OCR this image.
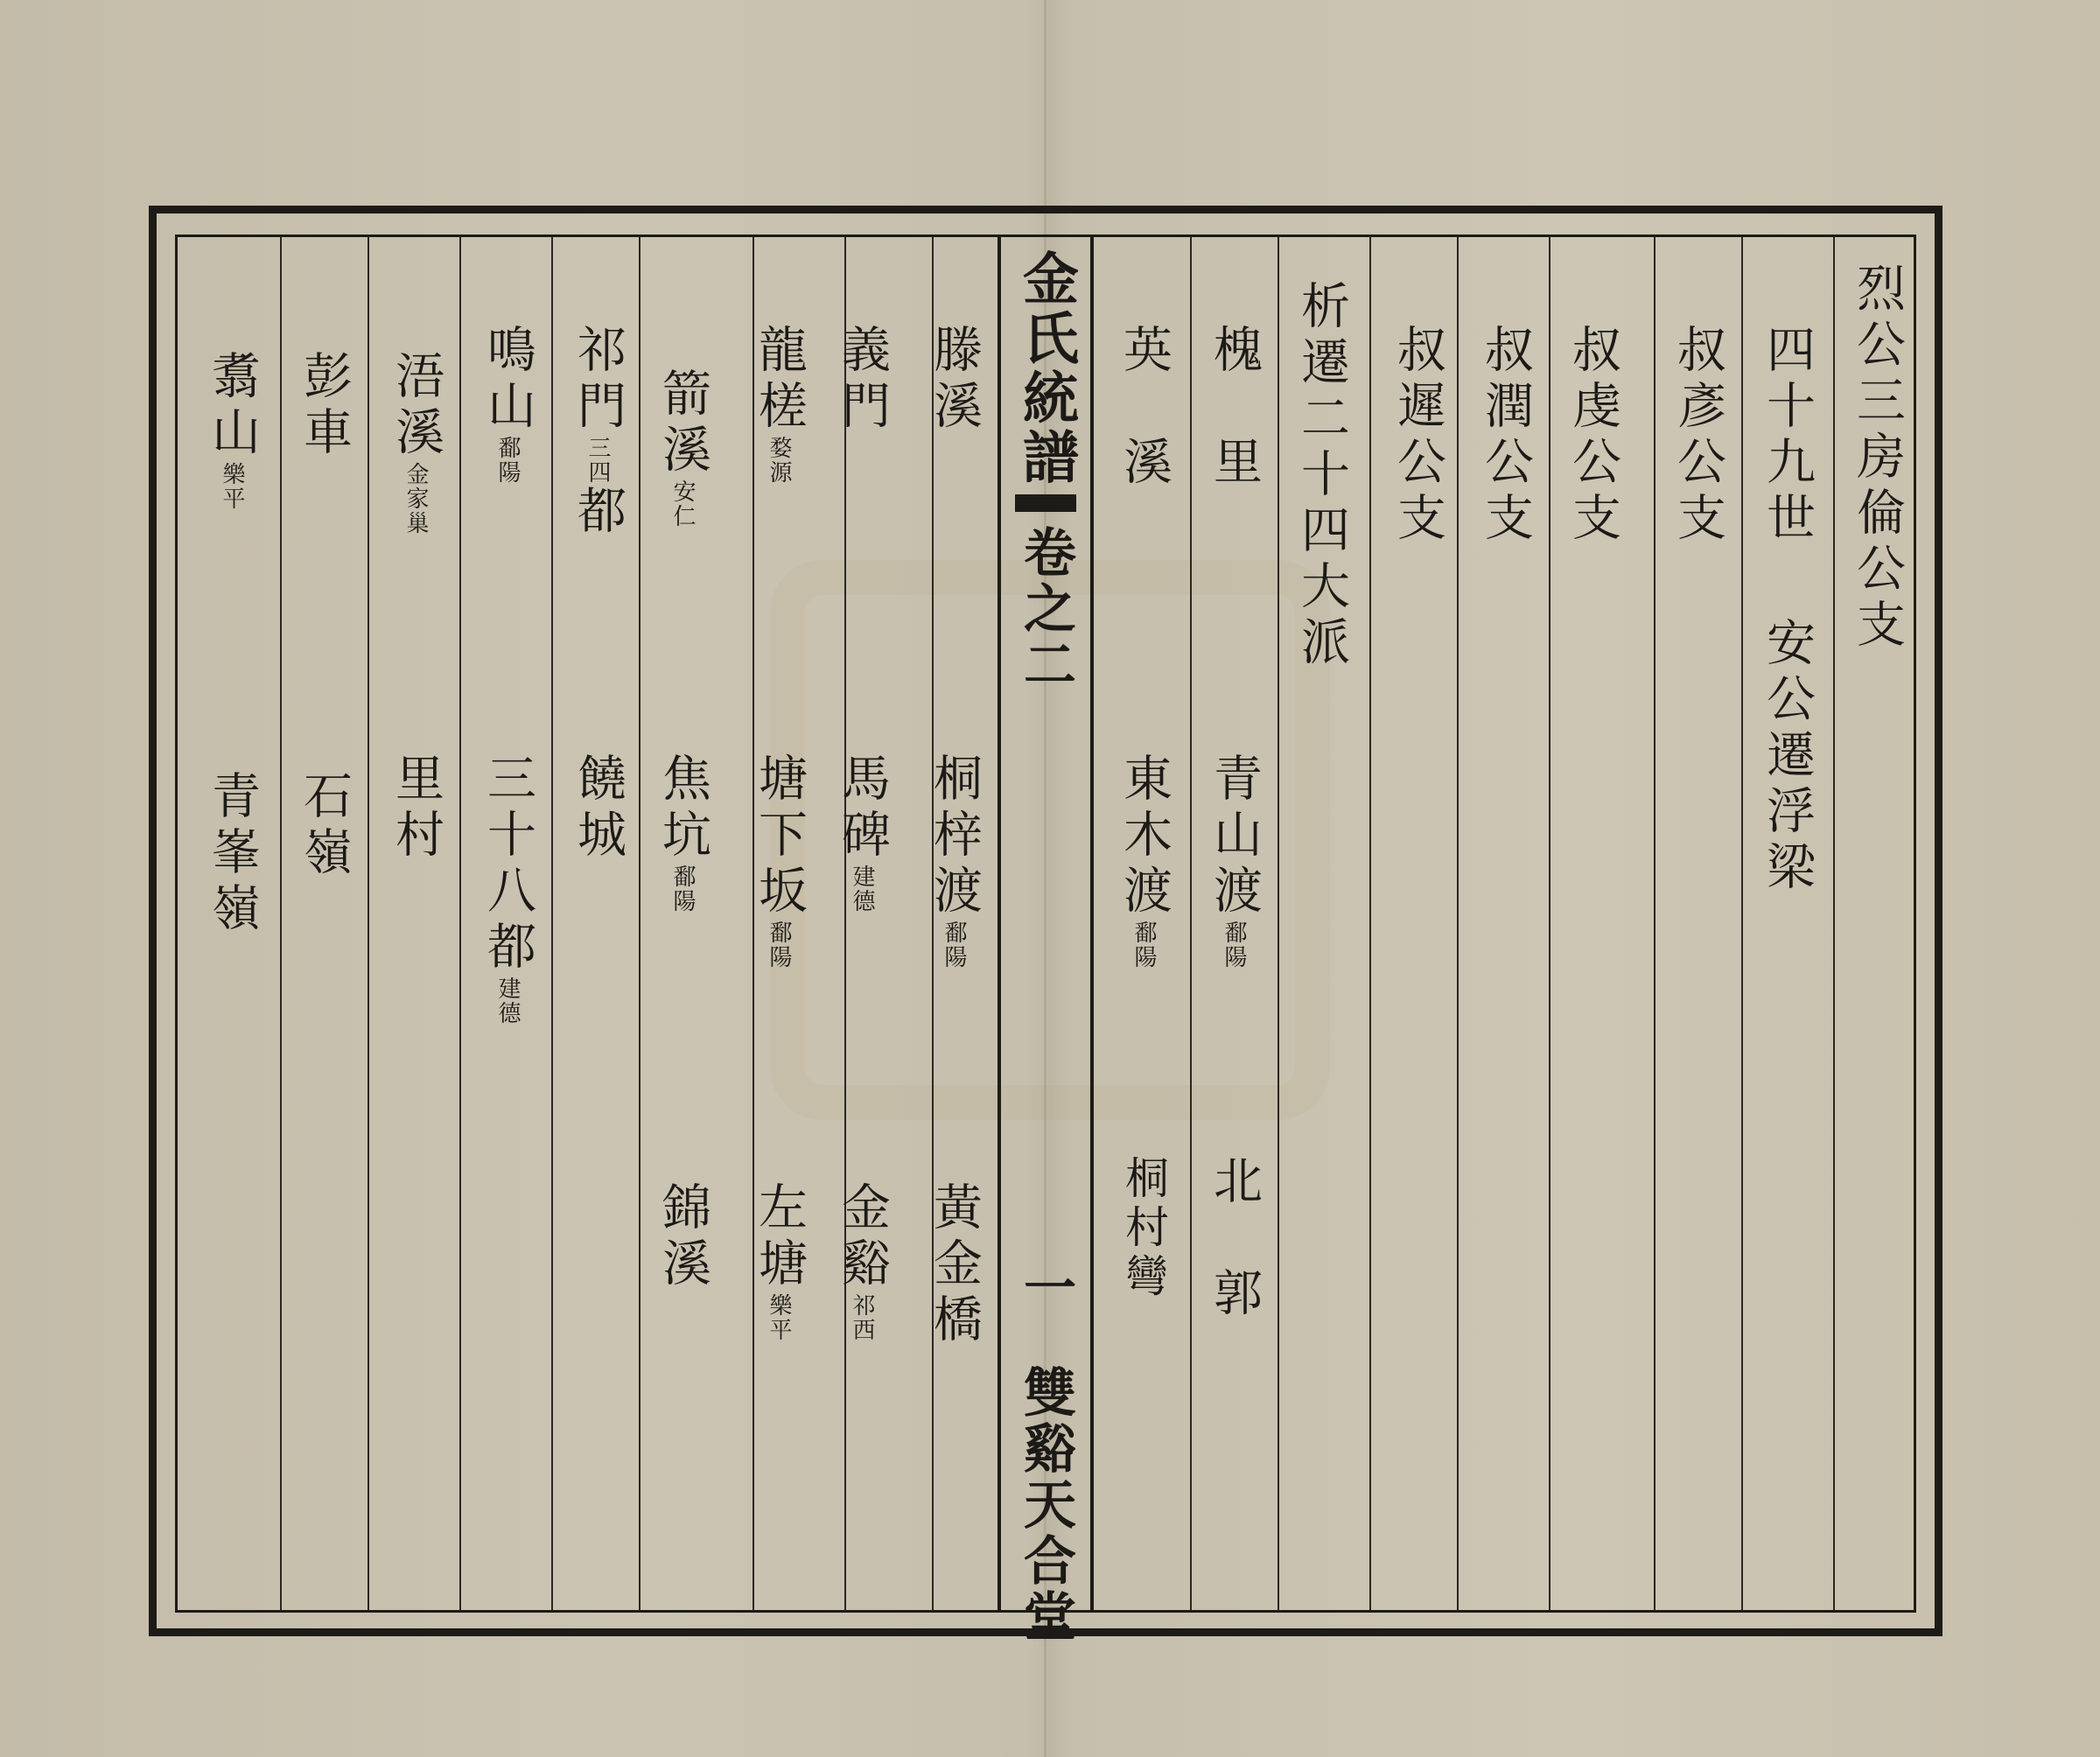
金氏統譜
卷之二
一
雙谿天合堂
烈公三房倫公支
四十九世
安公遷浮梁
叔彥公支
叔虔公支
叔潤公支
叔遲公支
析遷二十四大派
槐　里
青山渡鄱陽
北　郭
英　溪
東木渡鄱陽
桐村彎
滕溪
桐梓渡鄱陽
黃金橋
義門
馬碑建德
金谿祁西
龍槎婺源
塘下坂鄱陽
左塘樂平
箭溪安仁
焦坑鄱陽
錦溪
祁門三四都
饒城
鳴山鄱陽
三十八都建德
浯溪金家巢
里村
彭車
石嶺
翥山樂平
青峯嶺
